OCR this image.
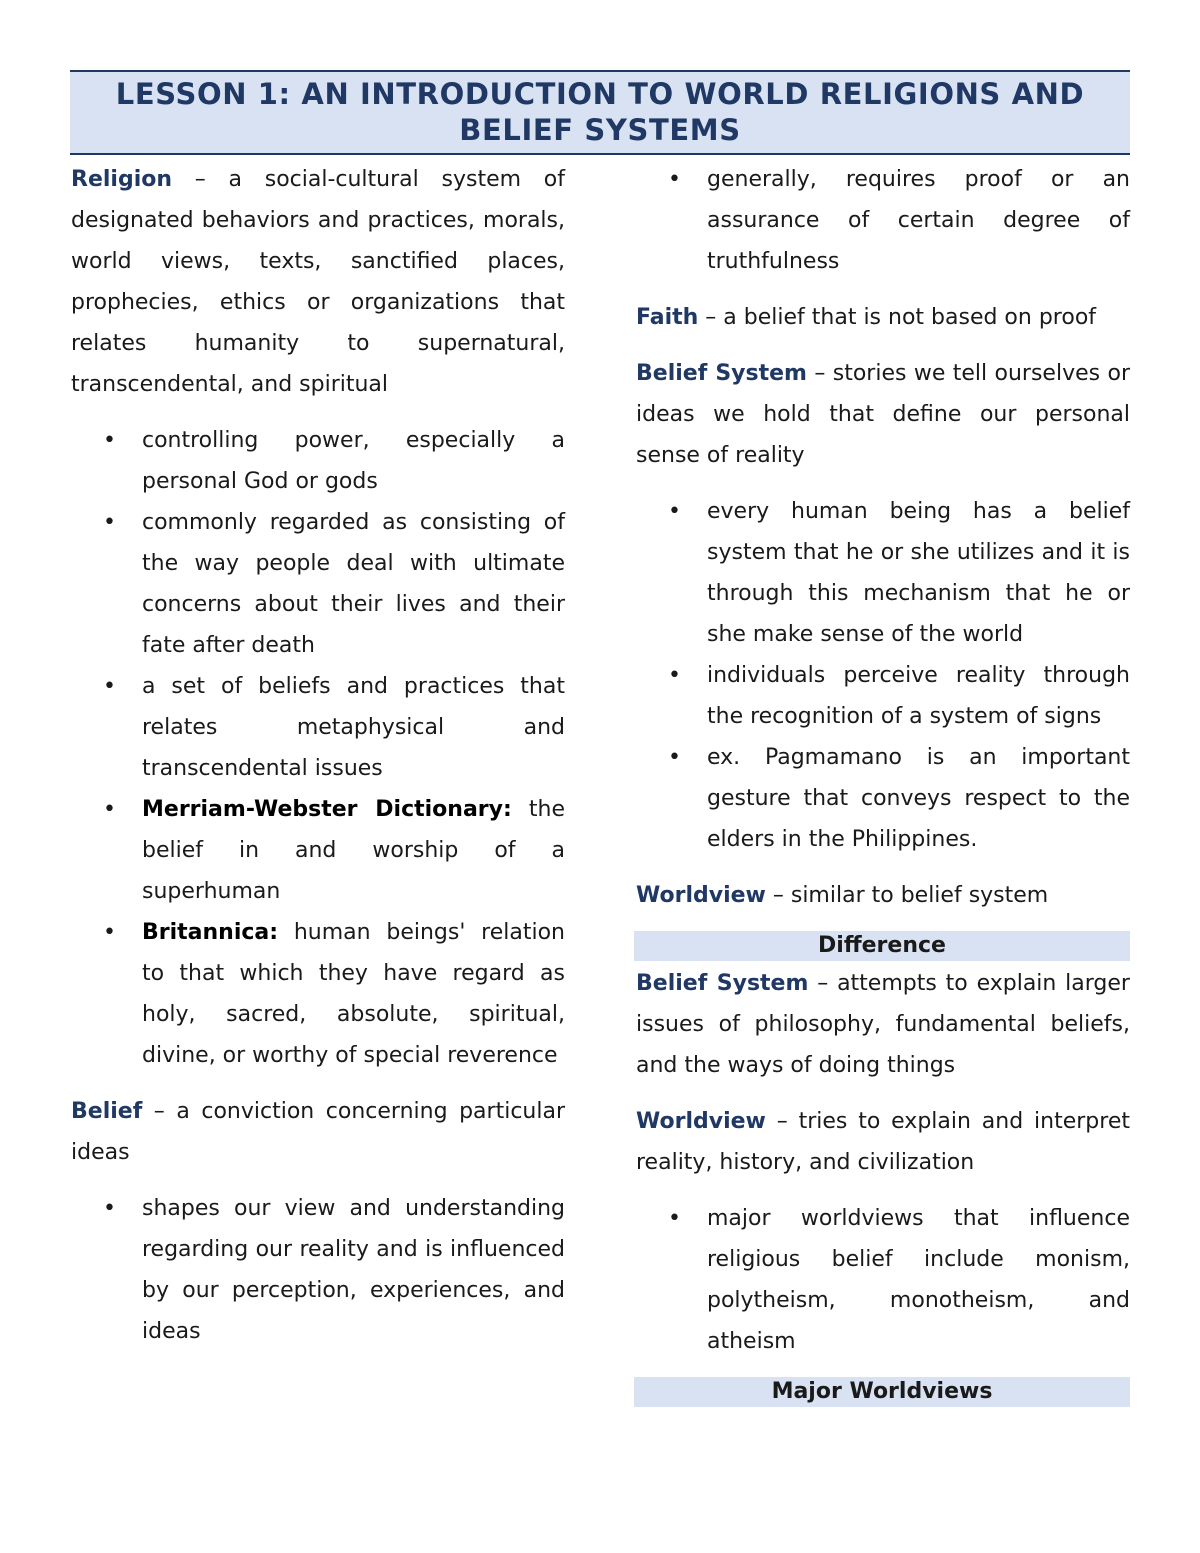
LESSON 1: AN INTRODUCTION TO WORLD RELIGIONS AND
BELIEF SYSTEMS

Religion – a social-cultural system of designated behaviors and practices, morals, world views, texts, sanctified places, prophecies, ethics or organizations that relates humanity to supernatural, transcendental, and spiritual

• controlling power, especially a personal God or gods
• commonly regarded as consisting of the way people deal with ultimate concerns about their lives and their fate after death
• a set of beliefs and practices that relates metaphysical and transcendental issues
• Merriam-Webster Dictionary: the belief in and worship of a superhuman
• Britannica: human beings' relation to that which they have regard as holy, sacred, absolute, spiritual, divine, or worthy of special reverence

Belief – a conviction concerning particular ideas

• shapes our view and understanding regarding our reality and is influenced by our perception, experiences, and ideas
• generally, requires proof or an assurance of certain degree of truthfulness

Faith – a belief that is not based on proof

Belief System – stories we tell ourselves or ideas we hold that define our personal sense of reality

• every human being has a belief system that he or she utilizes and it is through this mechanism that he or she make sense of the world
• individuals perceive reality through the recognition of a system of signs
• ex. Pagmamano is an important gesture that conveys respect to the elders in the Philippines.

Worldview – similar to belief system

Difference

Belief System – attempts to explain larger issues of philosophy, fundamental beliefs, and the ways of doing things

Worldview – tries to explain and interpret reality, history, and civilization

• major worldviews that influence religious belief include monism, polytheism, monotheism, and atheism
Major Worldviews
